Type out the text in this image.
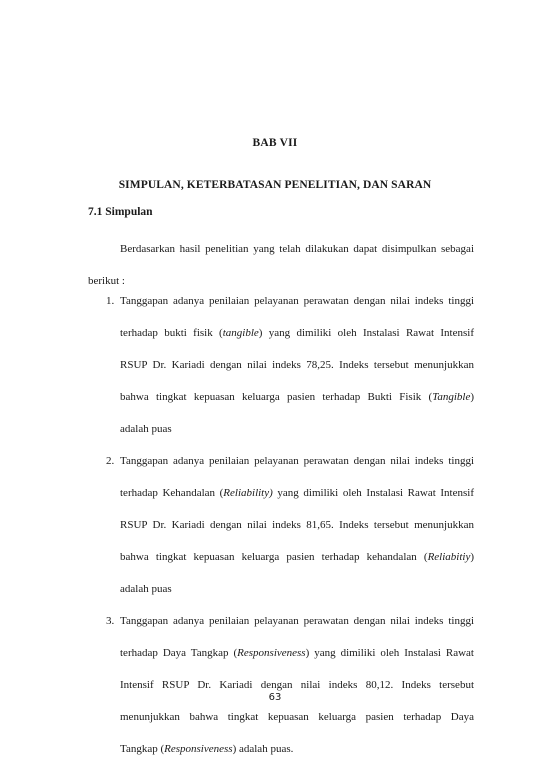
BAB VII
SIMPULAN, KETERBATASAN PENELITIAN, DAN SARAN
7.1 Simpulan
Berdasarkan hasil penelitian yang telah dilakukan dapat disimpulkan sebagai
berikut :
1. Tanggapan adanya penilaian pelayanan perawatan dengan nilai indeks tinggi
terhadap bukti fisik (tangible) yang dimiliki oleh Instalasi Rawat Intensif
RSUP Dr. Kariadi dengan nilai indeks 78,25. Indeks tersebut menunjukkan
bahwa tingkat kepuasan keluarga pasien terhadap Bukti Fisik (Tangible)
adalah puas
2. Tanggapan adanya penilaian pelayanan perawatan dengan nilai indeks tinggi
terhadap Kehandalan (Reliability) yang dimiliki oleh Instalasi Rawat Intensif
RSUP Dr. Kariadi dengan nilai indeks 81,65. Indeks tersebut menunjukkan
bahwa tingkat kepuasan keluarga pasien terhadap kehandalan (Reliabitiy)
adalah puas
3. Tanggapan adanya penilaian pelayanan perawatan dengan nilai indeks tinggi
terhadap Daya Tangkap (Responsiveness) yang dimiliki oleh Instalasi Rawat
Intensif RSUP Dr. Kariadi dengan nilai indeks 80,12. Indeks tersebut
menunjukkan bahwa tingkat kepuasan keluarga pasien terhadap Daya
Tangkap (Responsiveness) adalah puas.
63
